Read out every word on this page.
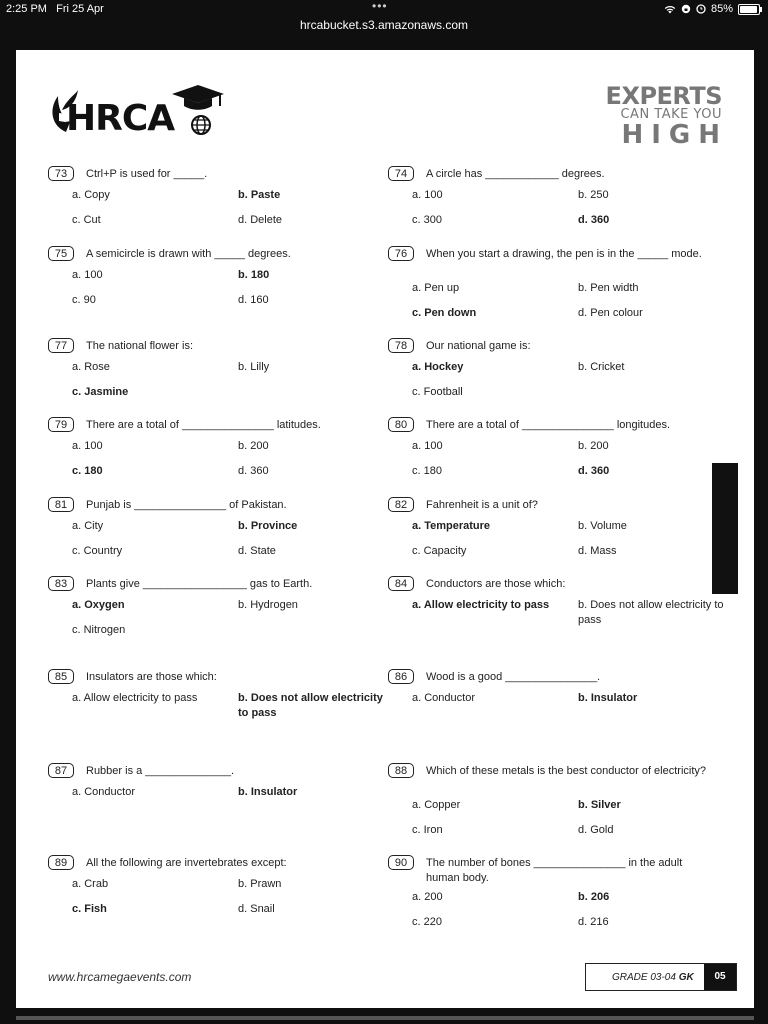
2:25 PM Fri 25 Apr	•••	85%
hrcabucket.s3.amazonaws.com
HRCA
EXPERTS
CAN TAKE YOU
HIGH
73	Ctrl+P is used for _____.
a. Copy	b. Paste
c. Cut	d. Delete
74	A circle has ____________ degrees.
a. 100	b. 250
c. 300	d. 360
75	A semicircle is drawn with _____ degrees.
a. 100	b. 180
c. 90	d. 160
76	When you start a drawing, the pen is in the _____ mode.
a. Pen up	b. Pen width
c. Pen down	d. Pen colour
77	The national flower is:
a. Rose	b. Lilly
c. Jasmine
78	Our national game is:
a. Hockey	b. Cricket
c. Football
79	There are a total of _______________ latitudes.
a. 100	b. 200
c. 180	d. 360
80	There are a total of _______________ longitudes.
a. 100	b. 200
c. 180	d. 360
81	Punjab is _______________ of Pakistan.
a. City	b. Province
c. Country	d. State
82	Fahrenheit is a unit of?
a. Temperature	b. Volume
c. Capacity	d. Mass
83	Plants give _________________ gas to Earth.
a. Oxygen	b. Hydrogen
c. Nitrogen
84	Conductors are those which:
a. Allow electricity to pass	b. Does not allow electricity to pass
85	Insulators are those which:
a. Allow electricity to pass	b. Does not allow electricity to pass
86	Wood is a good _______________.
a. Conductor	b. Insulator
87	Rubber is a ______________.
a. Conductor	b. Insulator
88	Which of these metals is the best conductor of electricity?
a. Copper	b. Silver
c. Iron	d. Gold
89	All the following are invertebrates except:
a. Crab	b. Prawn
c. Fish	d. Snail
90	The number of bones _______________ in the adult human body.
a. 200	b. 206
c. 220	d. 216
www.hrcamegaevents.com	GRADE 03-04 GK	05
